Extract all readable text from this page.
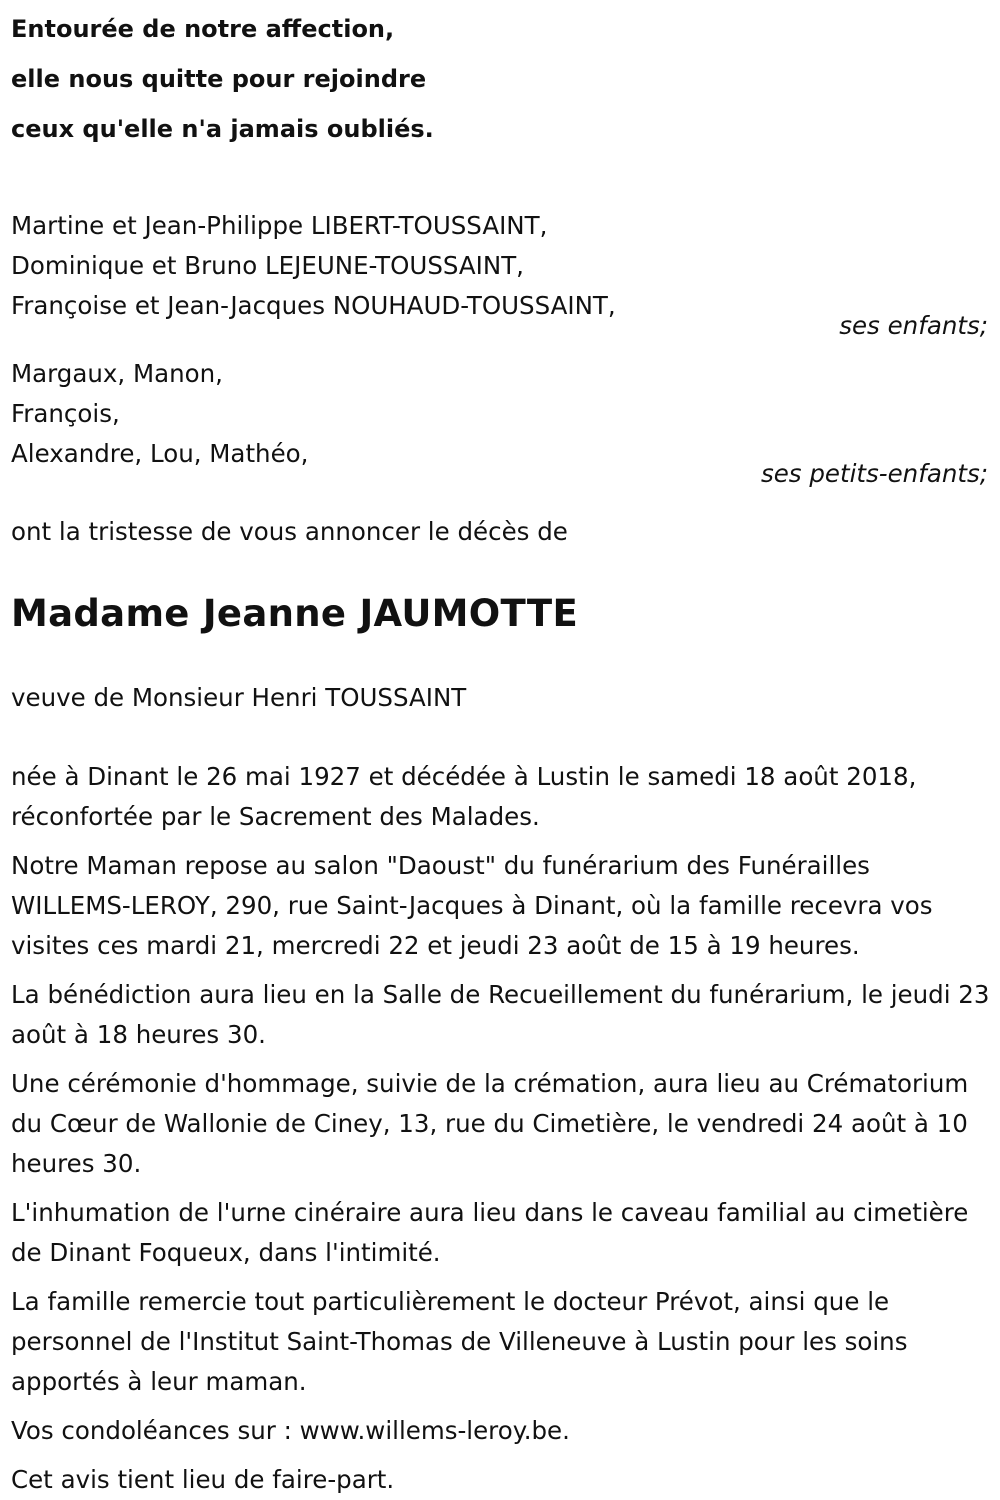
Entourée de notre affection,

elle nous quitte pour rejoindre

ceux qu'elle n'a jamais oubliés.

Martine et Jean-Philippe LIBERT-TOUSSAINT,

Dominique et Bruno LEJEUNE-TOUSSAINT,

Françoise et Jean-Jacques NOUHAUD-TOUSSAINT,

ses enfants;

Margaux, Manon,

François,

Alexandre, Lou, Mathéo,

ses petits-enfants;
ont la tristesse de vous annoncer le décès de
Madame Jeanne JAUMOTTE
veuve de Monsieur Henri TOUSSAINT

née à Dinant le 26 mai 1927 et décédée à Lustin le samedi 18 août 2018, réconfortée par le Sacrement des Malades.

Notre Maman repose au salon "Daoust" du funérarium des Funérailles WILLEMS-LEROY, 290, rue Saint-Jacques à Dinant, où la famille recevra vos visites ces mardi 21, mercredi 22 et jeudi 23 août de 15 à 19 heures.

La bénédiction aura lieu en la Salle de Recueillement du funérarium, le jeudi 23 août à 18 heures 30.

Une cérémonie d'hommage, suivie de la crémation, aura lieu au Crématorium du Cœur de Wallonie de Ciney, 13, rue du Cimetière, le vendredi 24 août à 10 heures 30.

L'inhumation de l'urne cinéraire aura lieu dans le caveau familial au cimetière de Dinant Foqueux, dans l'intimité.

La famille remercie tout particulièrement le docteur Prévot, ainsi que le personnel de l'Institut Saint-Thomas de Villeneuve à Lustin pour les soins apportés à leur maman.

Vos condoléances sur : www.willems-leroy.be.

Cet avis tient lieu de faire-part.
